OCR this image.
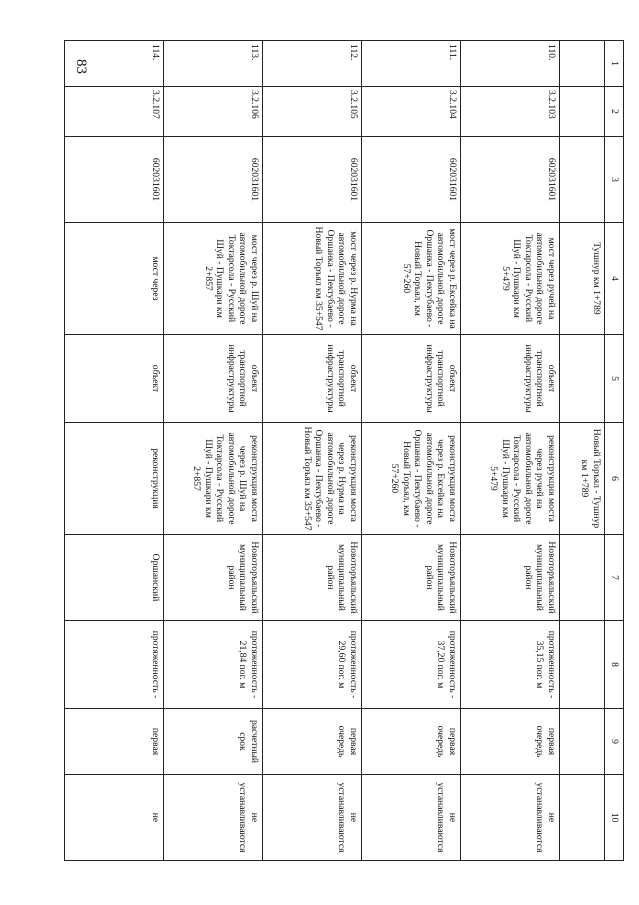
83	1	2	3	4	5	6	7	8	9	10
			Тушнур км 1+789		Новый Торъял - Тушнур км 1+789				
110.	3.2.103	602031601	мост через ручей на автомобильной дороге Токтарсола - Русский Шуй - Пушкари км 5+479	объект транспортной инфраструктуры	реконструкция моста через ручей на автомобильной дороге Токтарсола - Русский Шуй - Пушкари км 5+479	Новоторъяльский муниципальный район	протяженность - 35,15 пог. м	первая очередь	не устанавливаются
111.	3.2.104	602031601	мост через р. Ексейка на автомобильной дороге Оршанка - Пектубаево - Новый Торъял, км 57+260	объект транспортной инфраструктуры	реконструкция моста через р. Ексейка на автомобильной дороге Оршанка - Пектубаево - Новый Торъял, км 57+260	Новоторъяльский муниципальный район	протяженность - 37,20 пог. м	первая очередь	не устанавливаются
112.	3.2.105	602031601	мост через р. Нурма на автомобильной дороге Оршанка - Пектубаево - Новый Торъял км 35+547	объект транспортной инфраструктуры	реконструкция моста через р. Нурма на автомобильной дороге Оршанка - Пектубаево - Новый Торъял км 35+547	Новоторъяльский муниципальный район	протяженность - 29,60 пог. м	первая очередь	не устанавливаются
113.	3.2.106	602031601	мост через р. Шуй на автомобильной дороге Токтарсола - Русский Шуй - Пушкари км 2+857	объект транспортной инфраструктуры	реконструкция моста через р. Шуй на автомобильной дороге Токтарсола - Русский Шуй - Пушкари км 2+857	Новоторъяльский муниципальный район	протяженность - 21,84 пог. м	расчетный срок	не устанавливаются
114.	3.2.107	602031601	мост через	объект	реконструкция	Оршанский	протяженность -	первая	не
